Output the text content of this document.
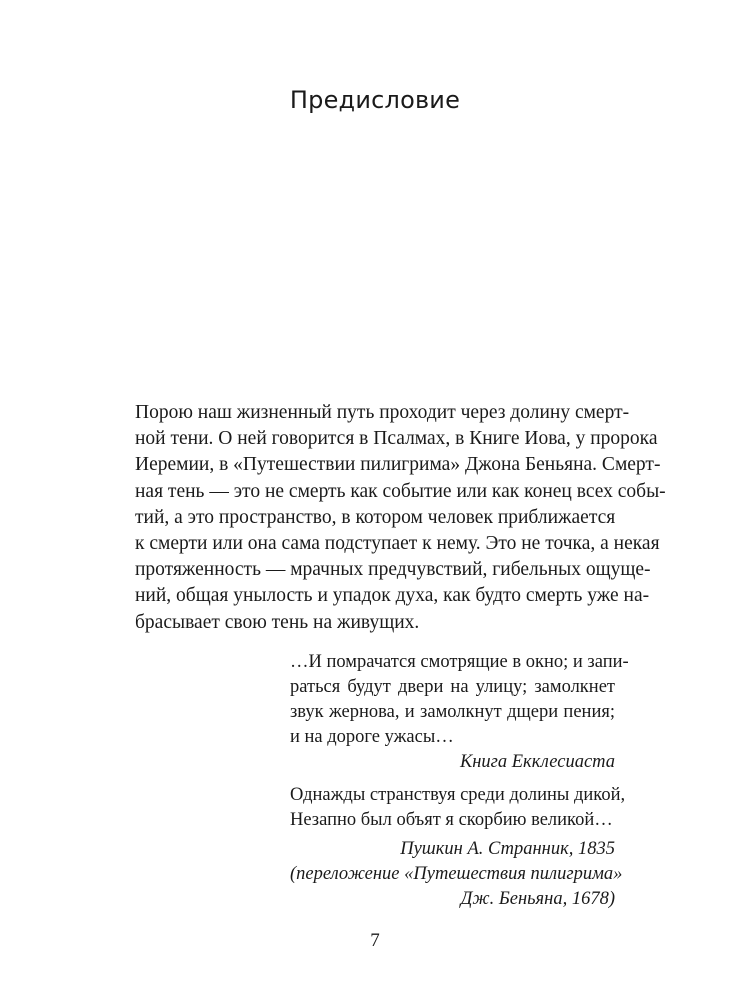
Предисловие
Порою наш жизненный путь проходит через долину смерт-
ной тени. О ней говорится в Псалмах, в Книге Иова, у пророка
Иеремии, в «Путешествии пилигрима» Джона Беньяна. Смерт-
ная тень — это не смерть как событие или как конец всех собы-
тий, а это пространство, в котором человек приближается
к смерти или она сама подступает к нему. Это не точка, а некая
протяженность — мрачных предчувствий, гибельных ощуще-
ний, общая унылость и упадок духа, как будто смерть уже на-
брасывает свою тень на живущих.
…И помрачатся смотрящие в окно; и запи-
раться будут двери на улицу; замолкнет
звук жернова, и замолкнут дщери пения;
и на дороге ужасы…
Книга Екклесиаста
Однажды странствуя среди долины дикой,
Незапно был объят я скорбию великой…
Пушкин А. Странник, 1835
(переложение «Путешествия пилигрима»
Дж. Беньяна, 1678)
7
